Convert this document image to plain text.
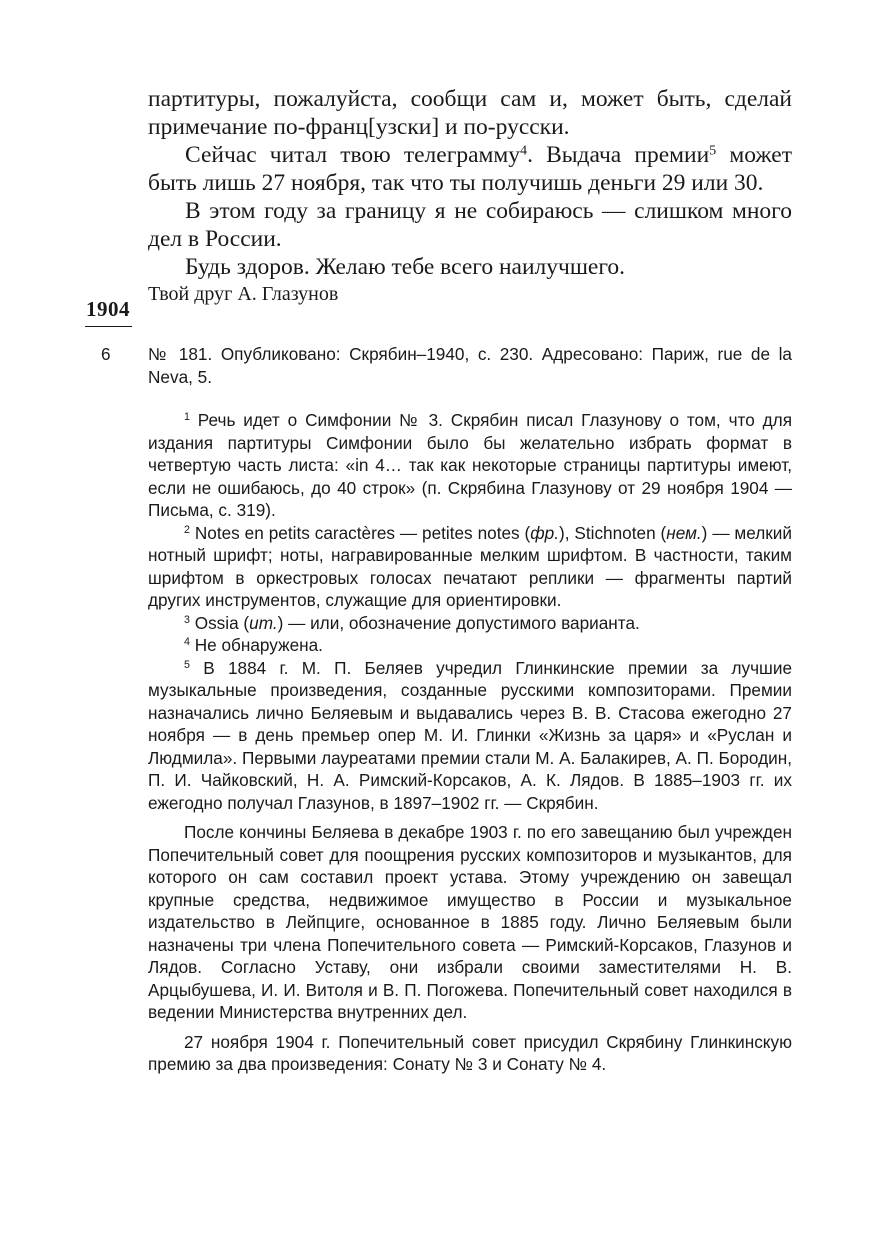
партитуры, пожалуйста, сообщи сам и, может быть, сделай примечание по-франц[узски] и по-русски.

Сейчас читал твою телеграмму$^4$. Выдача премии$^5$ может быть лишь 27 ноября, так что ты получишь деньги 29 или 30.

В этом году за границу я не собираюсь — слишком много дел в России.

Будь здоров. Желаю тебе всего наилучшего.

Твой друг А. Глазунов

1904
6 № 181. Опубликовано: Скрябин–1940, с. 230. Адресовано: Париж, rue de la Neva, 5.

$^1$ Речь идет о Симфонии № 3. Скрябин писал Глазунову о том, что для издания партитуры Симфонии было бы желательно избрать формат в четвертую часть листа: «in 4… так как некоторые страницы партитуры имеют, если не ошибаюсь, до 40 строк» (п. Скрябина Глазунову от 29 ноября 1904 — Письма, с. 319).

$^2$ Notes en petits caractères — petites notes (фр.), Stichnoten (нем.) — мелкий нотный шрифт; ноты, награвированные мелким шрифтом. В частности, таким шрифтом в оркестровых голосах печатают реплики — фрагменты партий других инструментов, служащие для ориентировки.

$^3$ Ossia (ит.) — или, обозначение допустимого варианта.

$^4$ Не обнаружена.

$^5$ В 1884 г. М. П. Беляев учредил Глинкинские премии за лучшие музыкальные произведения, созданные русскими композиторами. Премии назначались лично Беляевым и выдавались через В. В. Стасова ежегодно 27 ноября — в день премьер опер М. И. Глинки «Жизнь за царя» и «Руслан и Людмила». Первыми лауреатами премии стали М. А. Балакирев, А. П. Бородин, П. И. Чайковский, Н. А. Римский-Корсаков, А. К. Лядов. В 1885–1903 гг. их ежегодно получал Глазунов, в 1897–1902 гг. — Скрябин.

После кончины Беляева в декабре 1903 г. по его завещанию был учрежден Попечительный совет для поощрения русских композиторов и музыкантов, для которого он сам составил проект устава. Этому учреждению он завещал крупные средства, недвижимое имущество в России и музыкальное издательство в Лейпциге, основанное в 1885 году. Лично Беляевым были назначены три члена Попечительного совета — Римский-Корсаков, Глазунов и Лядов. Согласно Уставу, они избрали своими заместителями Н. В. Арцыбушева, И. И. Витоля и В. П. Погожева. Попечительный совет находился в ведении Министерства внутренних дел.

27 ноября 1904 г. Попечительный совет присудил Скрябину Глинкинскую премию за два произведения: Сонату № 3 и Сонату № 4.
